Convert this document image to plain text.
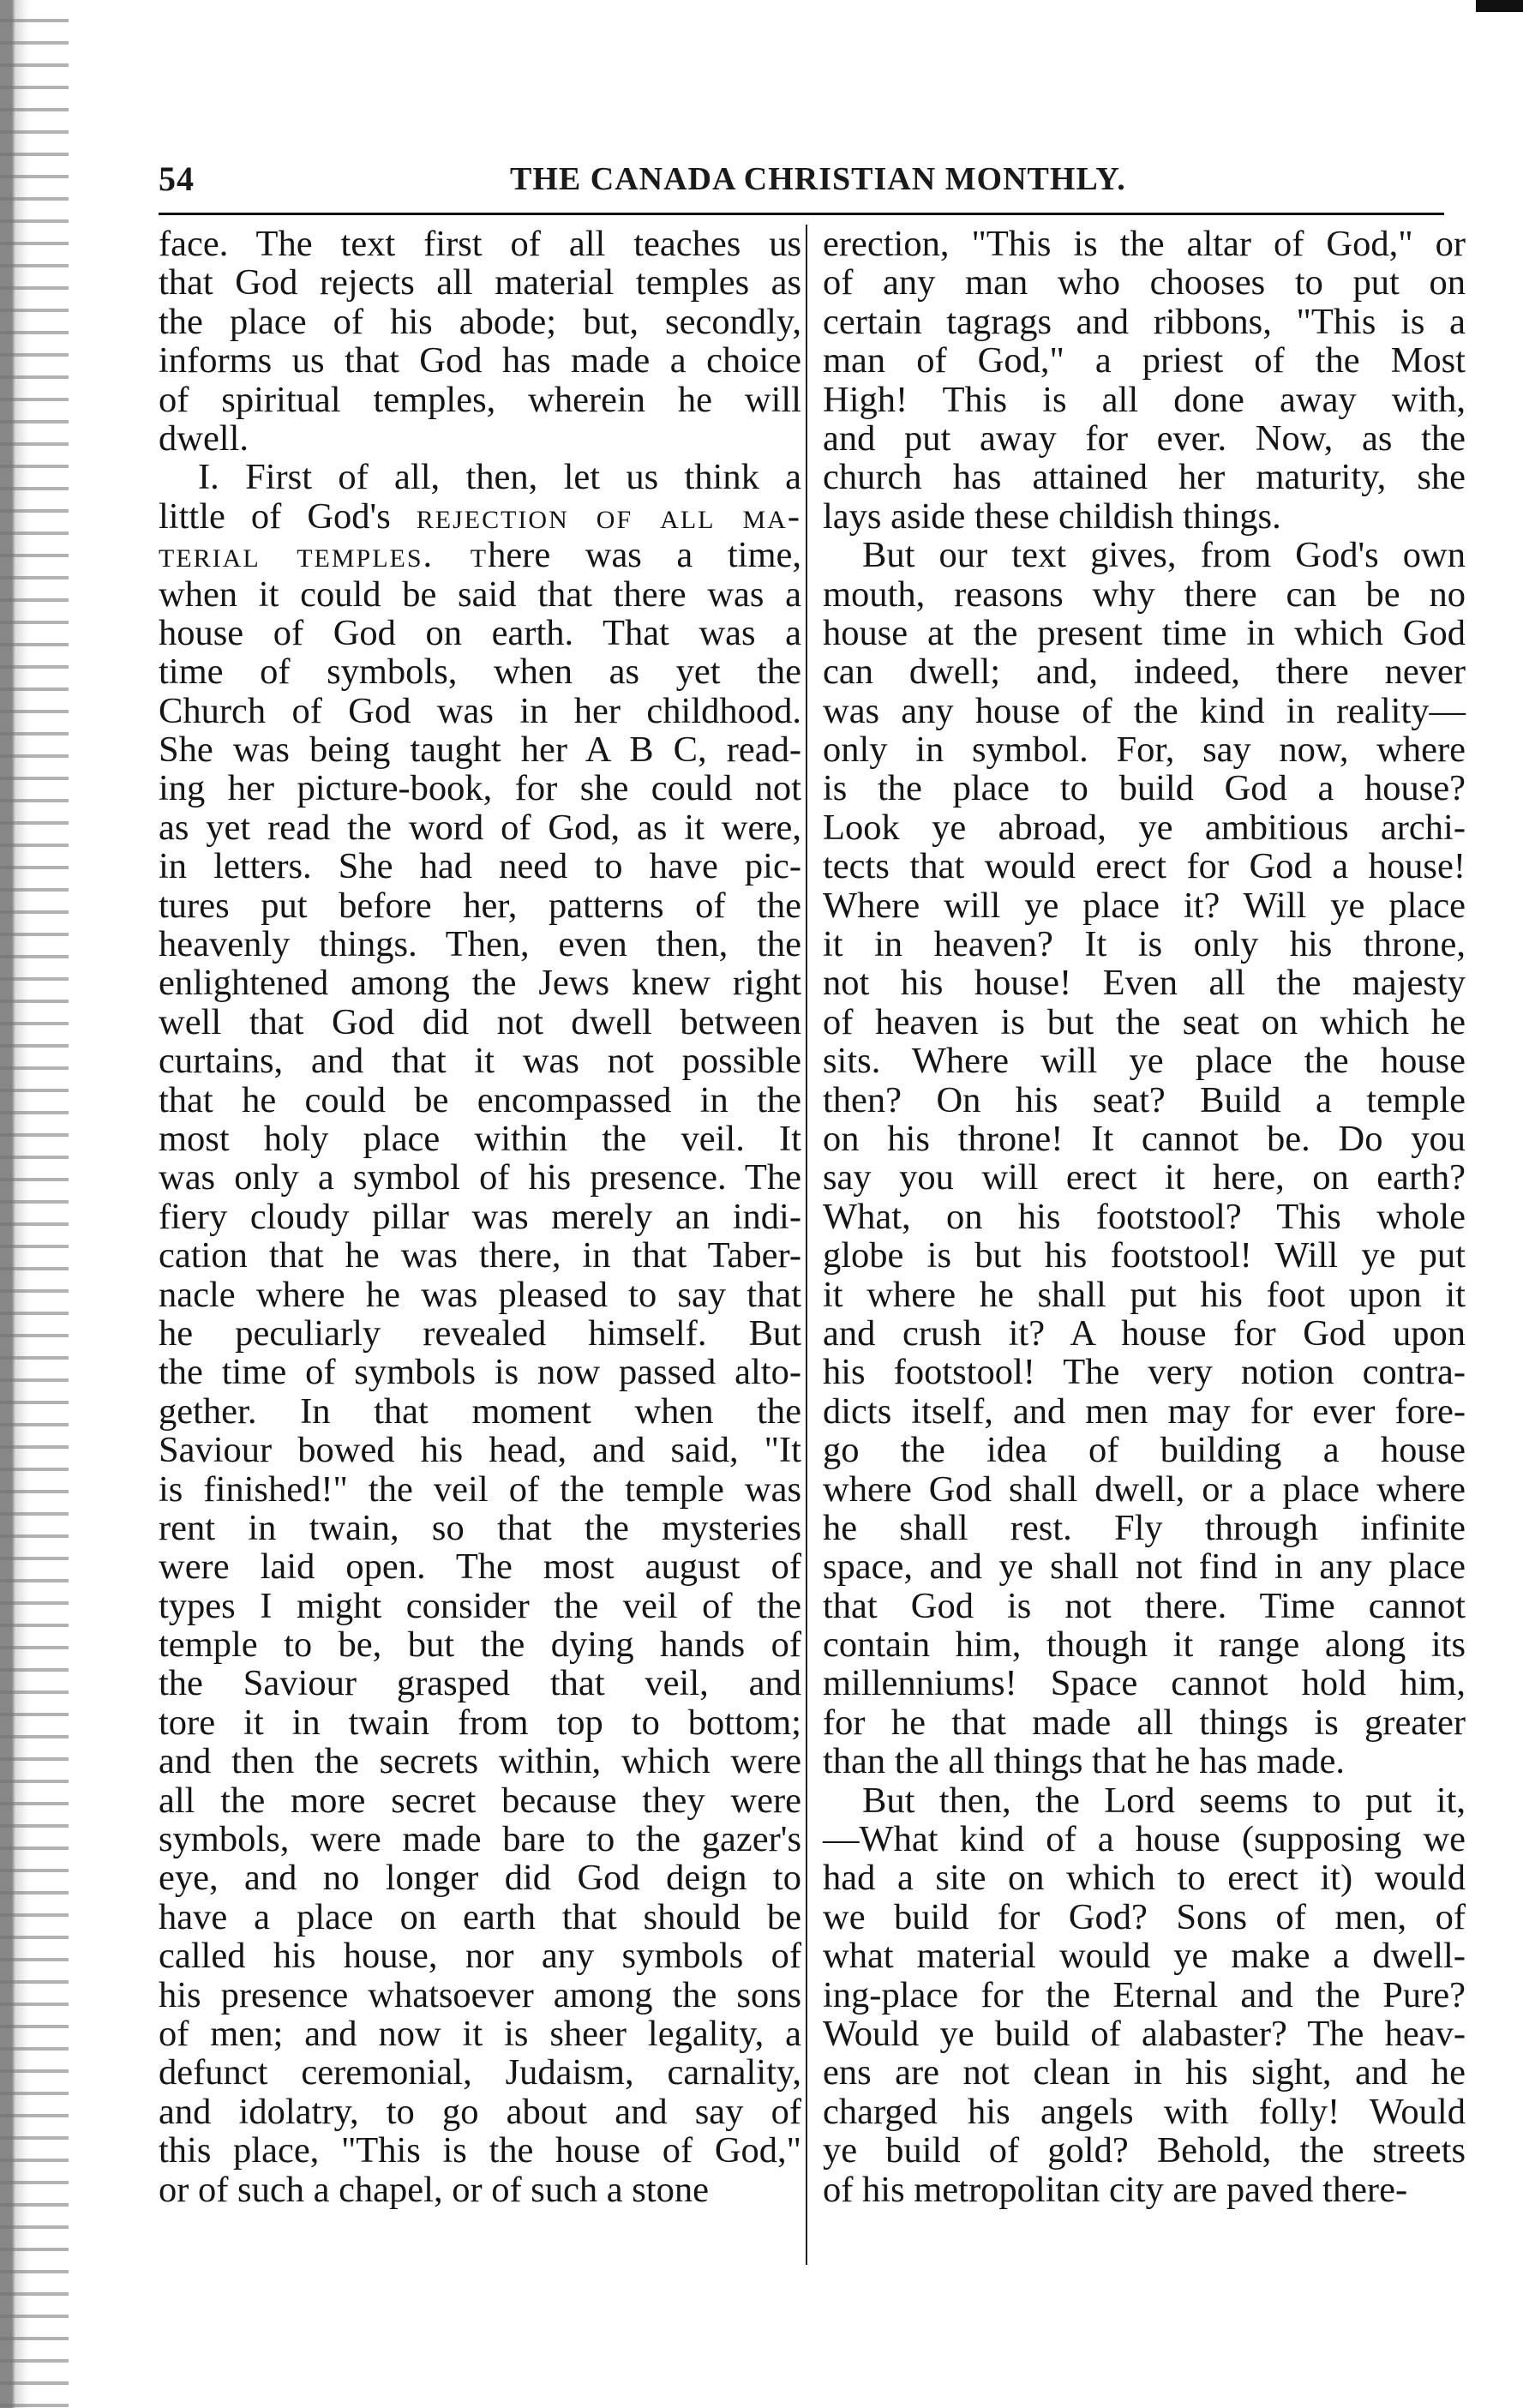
54	THE CANADA CHRISTIAN MONTHLY.
face. The text first of all teaches us
that God rejects all material temples as
the place of his abode; but, secondly,
informs us that God has made a choice
of spiritual temples, wherein he will
dwell.
I. First of all, then, let us think a
little of God's rejection of all ma-
terial temples. there was a time,
when it could be said that there was a
house of God on earth. That was a
time of symbols, when as yet the
Church of God was in her childhood.
She was being taught her A B C, read-
ing her picture-book, for she could not
as yet read the word of God, as it were,
in letters. She had need to have pic-
tures put before her, patterns of the
heavenly things. Then, even then, the
enlightened among the Jews knew right
well that God did not dwell between
curtains, and that it was not possible
that he could be encompassed in the
most holy place within the veil. It
was only a symbol of his presence. The
fiery cloudy pillar was merely an indi-
cation that he was there, in that Taber-
nacle where he was pleased to say that
he peculiarly revealed himself. But
the time of symbols is now passed alto-
gether. In that moment when the
Saviour bowed his head, and said, "It
is finished!" the veil of the temple was
rent in twain, so that the mysteries
were laid open. The most august of
types I might consider the veil of the
temple to be, but the dying hands of
the Saviour grasped that veil, and
tore it in twain from top to bottom;
and then the secrets within, which were
all the more secret because they were
symbols, were made bare to the gazer's
eye, and no longer did God deign to
have a place on earth that should be
called his house, nor any symbols of
his presence whatsoever among the sons
of men; and now it is sheer legality, a
defunct ceremonial, Judaism, carnality,
and idolatry, to go about and say of
this place, "This is the house of God,"
or of such a chapel, or of such a stone
erection, "This is the altar of God," or
of any man who chooses to put on
certain tagrags and ribbons, "This is a
man of God," a priest of the Most
High! This is all done away with,
and put away for ever. Now, as the
church has attained her maturity, she
lays aside these childish things.
But our text gives, from God's own
mouth, reasons why there can be no
house at the present time in which God
can dwell; and, indeed, there never
was any house of the kind in reality—
only in symbol. For, say now, where
is the place to build God a house?
Look ye abroad, ye ambitious archi-
tects that would erect for God a house!
Where will ye place it? Will ye place
it in heaven? It is only his throne,
not his house! Even all the majesty
of heaven is but the seat on which he
sits. Where will ye place the house
then? On his seat? Build a temple
on his throne! It cannot be. Do you
say you will erect it here, on earth?
What, on his footstool? This whole
globe is but his footstool! Will ye put
it where he shall put his foot upon it
and crush it? A house for God upon
his footstool! The very notion contra-
dicts itself, and men may for ever fore-
go the idea of building a house
where God shall dwell, or a place where
he shall rest. Fly through infinite
space, and ye shall not find in any place
that God is not there. Time cannot
contain him, though it range along its
millenniums! Space cannot hold him,
for he that made all things is greater
than the all things that he has made.
But then, the Lord seems to put it,
—What kind of a house (supposing we
had a site on which to erect it) would
we build for God? Sons of men, of
what material would ye make a dwell-
ing-place for the Eternal and the Pure?
Would ye build of alabaster? The heav-
ens are not clean in his sight, and he
charged his angels with folly! Would
ye build of gold? Behold, the streets
of his metropolitan city are paved there-
